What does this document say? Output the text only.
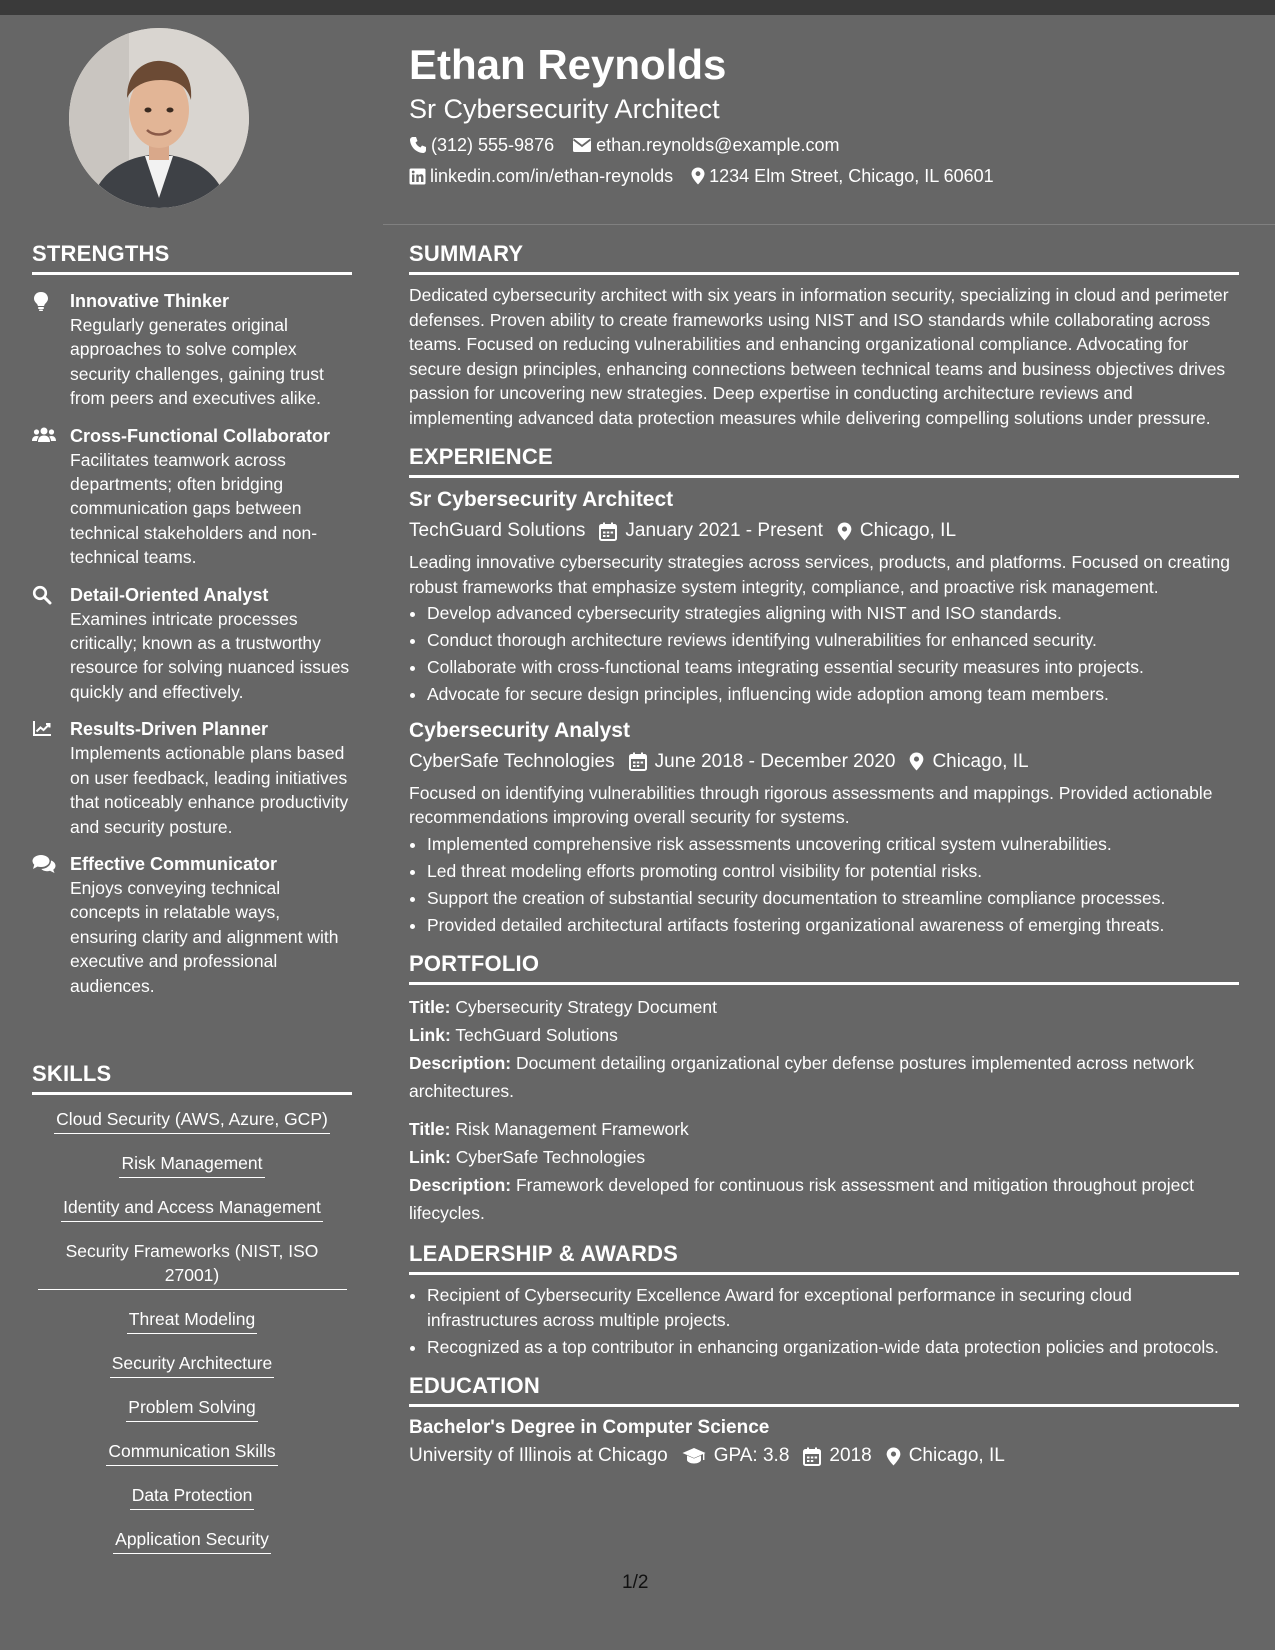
STRENGTHS
Innovative Thinker
Regularly generates original approaches to solve complex security challenges, gaining trust from peers and executives alike.
Cross-Functional Collaborator
Facilitates teamwork across departments; often bridging communication gaps between technical stakeholders and non-technical teams.
Detail-Oriented Analyst
Examines intricate processes critically; known as a trustworthy resource for solving nuanced issues quickly and effectively.
Results-Driven Planner
Implements actionable plans based on user feedback, leading initiatives that noticeably enhance productivity and security posture.
Effective Communicator
Enjoys conveying technical concepts in relatable ways, ensuring clarity and alignment with executive and professional audiences.
SKILLS
Cloud Security (AWS, Azure, GCP)
Risk Management
Identity and Access Management
Security Frameworks (NIST, ISO 27001)
Threat Modeling
Security Architecture
Problem Solving
Communication Skills
Data Protection
Application Security
Ethan Reynolds
Sr Cybersecurity Architect
(312) 555-9876 ethan.reynolds@example.com
linkedin.com/in/ethan-reynolds 1234 Elm Street, Chicago, IL 60601
SUMMARY

Dedicated cybersecurity architect with six years in information security, specializing in cloud and perimeter defenses. Proven ability to create frameworks using NIST and ISO standards while collaborating across teams. Focused on reducing vulnerabilities and enhancing organizational compliance. Advocating for secure design principles, enhancing connections between technical teams and business objectives drives passion for uncovering new strategies. Deep expertise in conducting architecture reviews and implementing advanced data protection measures while delivering compelling solutions under pressure.

EXPERIENCE
Sr Cybersecurity Architect
TechGuard Solutions January 2021 - Present Chicago, IL

Leading innovative cybersecurity strategies across services, products, and platforms. Focused on creating robust frameworks that emphasize system integrity, compliance, and proactive risk management.

• Develop advanced cybersecurity strategies aligning with NIST and ISO standards.
• Conduct thorough architecture reviews identifying vulnerabilities for enhanced security.
• Collaborate with cross-functional teams integrating essential security measures into projects.
• Advocate for secure design principles, influencing wide adoption among team members.
Cybersecurity Analyst
CyberSafe Technologies June 2018 - December 2020 Chicago, IL

Focused on identifying vulnerabilities through rigorous assessments and mappings. Provided actionable recommendations improving overall security for systems.

• Implemented comprehensive risk assessments uncovering critical system vulnerabilities.
• Led threat modeling efforts promoting control visibility for potential risks.
• Support the creation of substantial security documentation to streamline compliance processes.
• Provided detailed architectural artifacts fostering organizational awareness of emerging threats.
PORTFOLIO
Title: Cybersecurity Strategy Document
Link: TechGuard Solutions
Description: Document detailing organizational cyber defense postures implemented across network architectures.
Title: Risk Management Framework
Link: CyberSafe Technologies
Description: Framework developed for continuous risk assessment and mitigation throughout project lifecycles.
LEADERSHIP & AWARDS
• Recipient of Cybersecurity Excellence Award for exceptional performance in securing cloud infrastructures across multiple projects.
• Recognized as a top contributor in enhancing organization-wide data protection policies and protocols.
EDUCATION
Bachelor's Degree in Computer Science
University of Illinois at Chicago GPA: 3.8 2018 Chicago, IL
1/2
